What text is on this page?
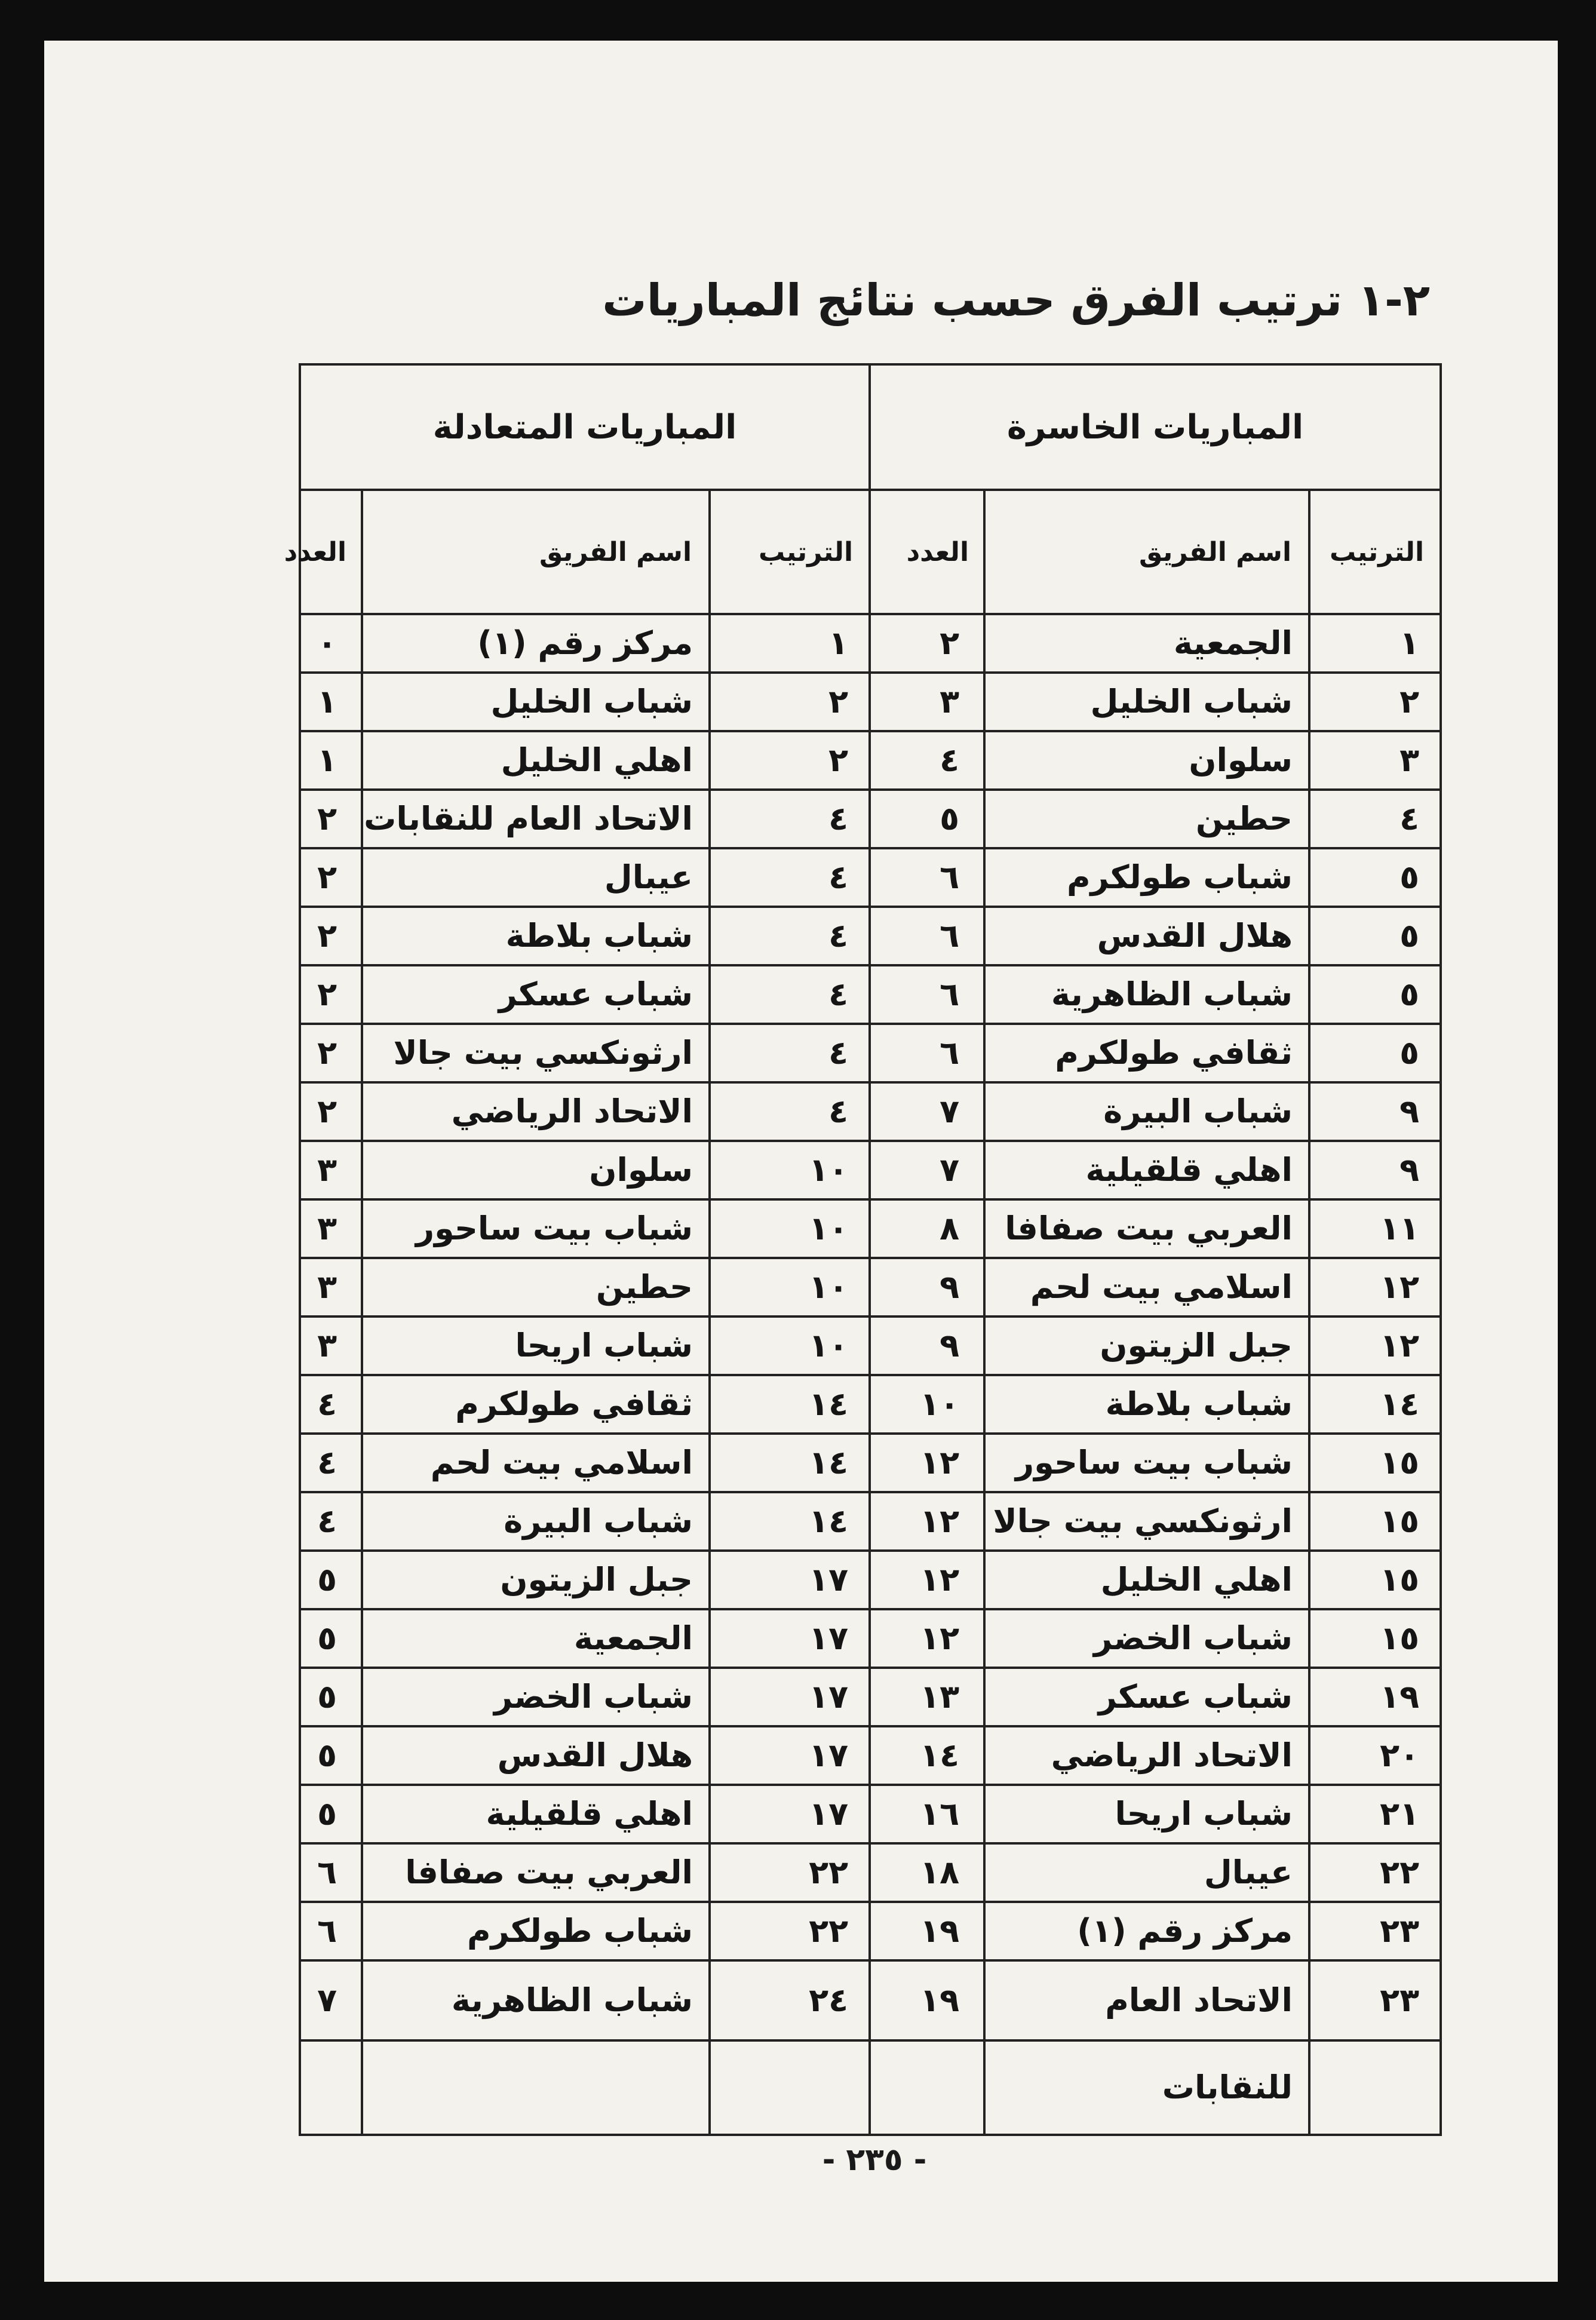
٢-١ ترتيب الفرق حسب نتائج المباريات
المباريات الخاسرة			المباريات المتعادلة		
الترتيب	اسم الفريق	العدد	الترتيب	اسم الفريق	العدد
١	الجمعية	٢	١	مركز رقم (١)	٠
٢	شباب الخليل	٣	٢	شباب الخليل	١
٣	سلوان	٤	٢	اهلي الخليل	١
٤	حطين	٥	٤	الاتحاد العام للنقابات	٢
٥	شباب طولكرم	٦	٤	عيبال	٢
٥	هلال القدس	٦	٤	شباب بلاطة	٢
٥	شباب الظاهرية	٦	٤	شباب عسكر	٢
٥	ثقافي طولكرم	٦	٤	ارثونكسي بيت جالا	٢
٩	شباب البيرة	٧	٤	الاتحاد الرياضي	٢
٩	اهلي قلقيلية	٧	١٠	سلوان	٣
١١	العربي بيت صفافا	٨	١٠	شباب بيت ساحور	٣
١٢	اسلامي بيت لحم	٩	١٠	حطين	٣
١٢	جبل الزيتون	٩	١٠	شباب اريحا	٣
١٤	شباب بلاطة	١٠	١٤	ثقافي طولكرم	٤
١٥	شباب بيت ساحور	١٢	١٤	اسلامي بيت لحم	٤
١٥	ارثونكسي بيت جالا	١٢	١٤	شباب البيرة	٤
١٥	اهلي الخليل	١٢	١٧	جبل الزيتون	٥
١٥	شباب الخضر	١٢	١٧	الجمعية	٥
١٩	شباب عسكر	١٣	١٧	شباب الخضر	٥
٢٠	الاتحاد الرياضي	١٤	١٧	هلال القدس	٥
٢١	شباب اريحا	١٦	١٧	اهلي قلقيلية	٥
٢٢	عيبال	١٨	٢٢	العربي بيت صفافا	٦
٢٣	مركز رقم (١)	١٩	٢٢	شباب طولكرم	٦
٢٣	الاتحاد العام	١٩	٢٤	شباب الظاهرية	٧
	للنقابات				
- ٢٣٥ -
